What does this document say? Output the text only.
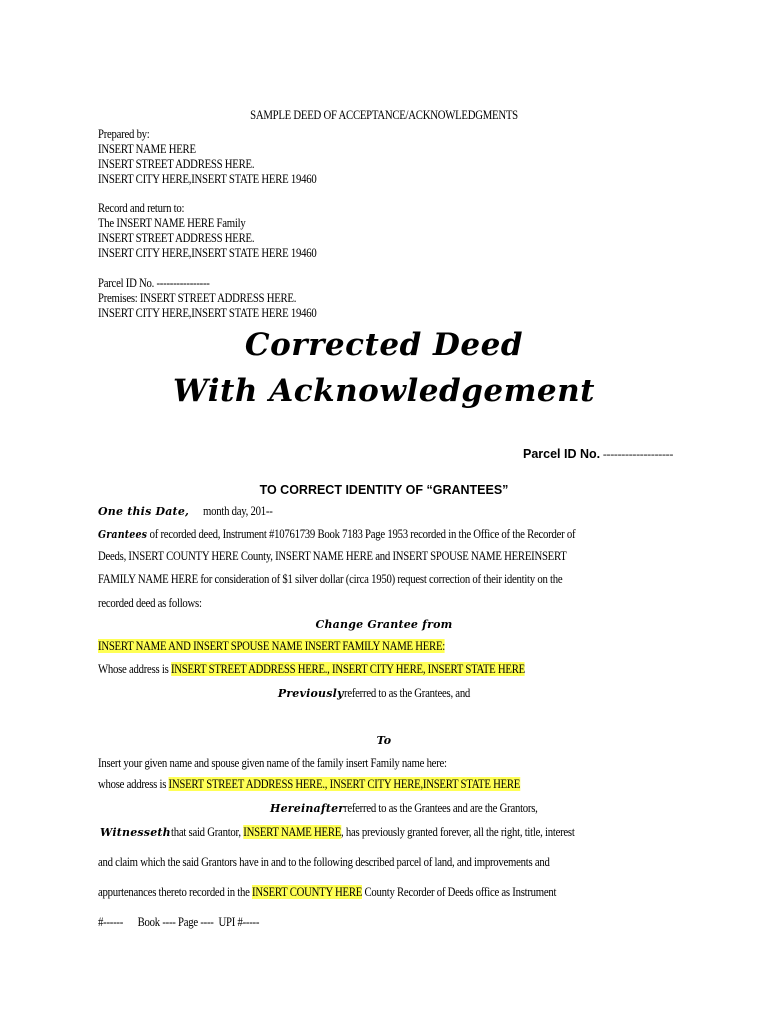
SAMPLE DEED OF ACCEPTANCE/ACKNOWLEDGMENTS
Prepared by:
INSERT NAME HERE
INSERT STREET ADDRESS HERE.
INSERT CITY HERE,INSERT STATE HERE 19460
Record and return to:
The INSERT NAME HERE Family
INSERT STREET ADDRESS HERE.
INSERT CITY HERE,INSERT STATE HERE 19460
Parcel ID No. ----------------
Premises: INSERT STREET ADDRESS HERE.
INSERT CITY HERE,INSERT STATE HERE 19460
Corrected Deed
With Acknowledgement
Parcel ID No. -------------------
TO CORRECT IDENTITY OF “GRANTEES”
One this Date, month day, 201--
Grantees of recorded deed, Instrument #10761739 Book 7183 Page 1953 recorded in the Office of the Recorder of
Deeds, INSERT COUNTY HERE County, INSERT NAME HERE and INSERT SPOUSE NAME HEREINSERT
FAMILY NAME HERE for consideration of $1 silver dollar (circa 1950) request correction of their identity on the
recorded deed as follows:
Change Grantee from
INSERT NAME AND INSERT SPOUSE NAME INSERT FAMILY NAME HERE:
Whose address is INSERT STREET ADDRESS HERE., INSERT CITY HERE, INSERT STATE HERE
Previouslyreferred to as the Grantees, and
To
Insert your given name and spouse given name of the family insert Family name here:
whose address is INSERT STREET ADDRESS HERE., INSERT CITY HERE,INSERT STATE HERE
Hereinafterreferred to as the Grantees and are the Grantors,
Witnesseththat said Grantor, INSERT NAME HERE, has previously granted forever, all the right, title, interest
and claim which the said Grantors have in and to the following described parcel of land, and improvements and
appurtenances thereto recorded in the INSERT COUNTY HERE County Recorder of Deeds office as Instrument
#------      Book ---- Page ----  UPI #-----
